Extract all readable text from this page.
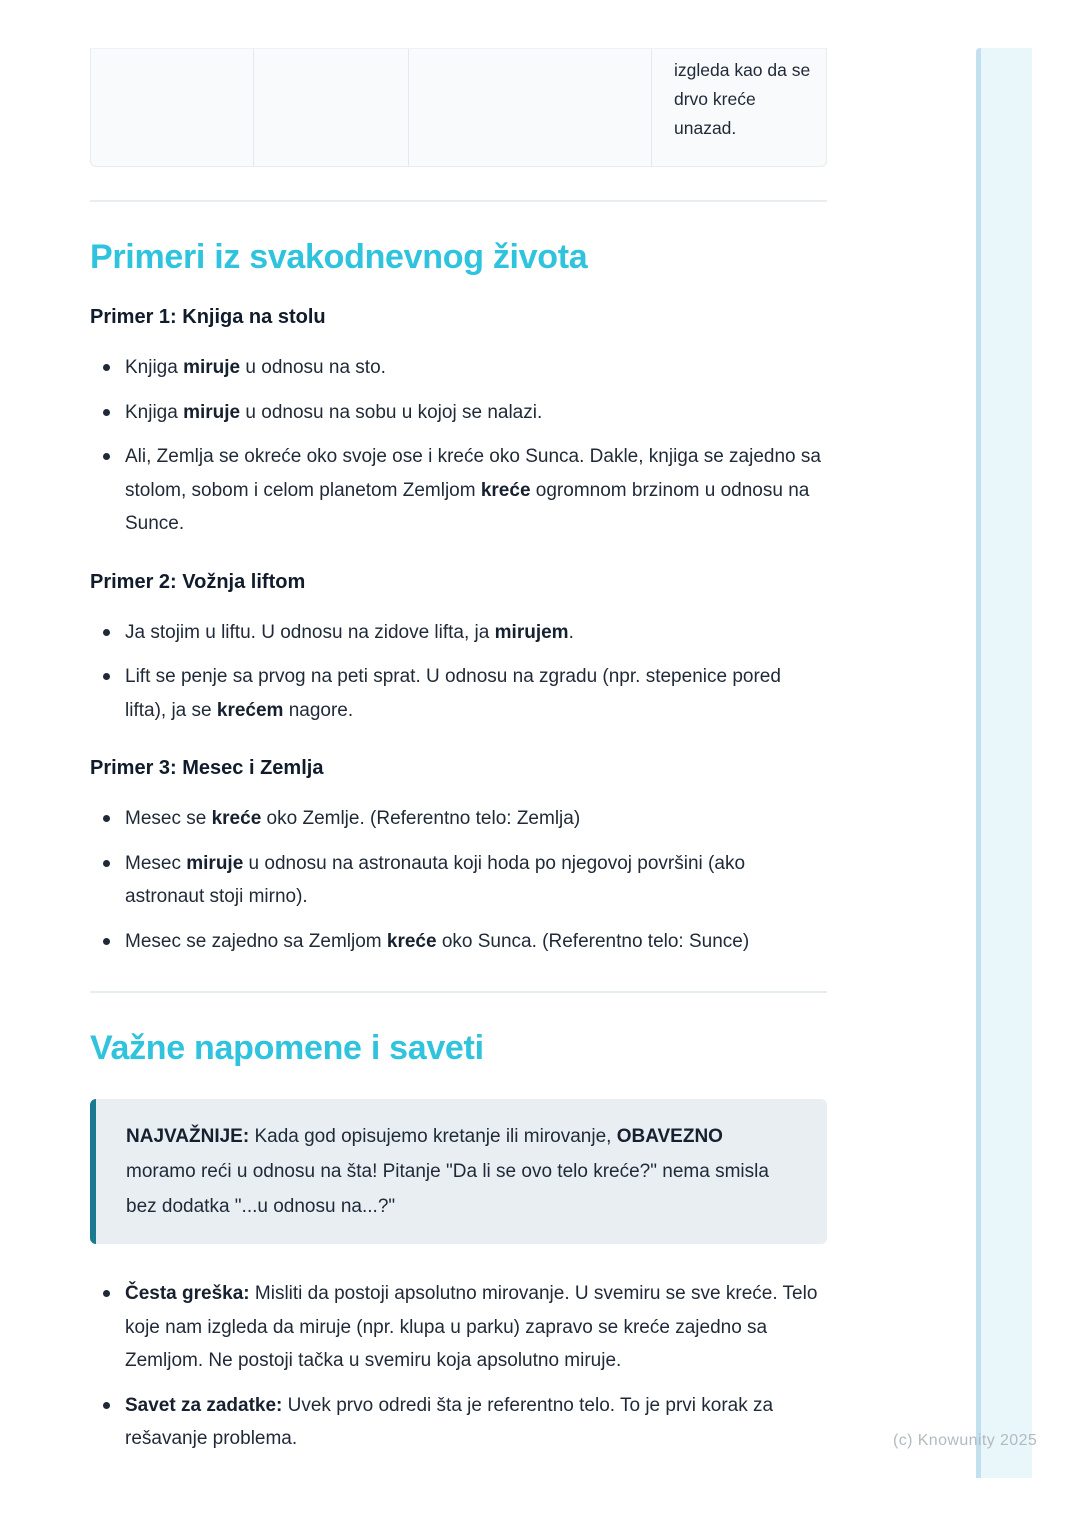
(c) Knowunity 2025
izgleda kao da se drvo kreće unazad.
Primeri iz svakodnevnog života
Primer 1: Knjiga na stolu
Knjiga miruje u odnosu na sto.
Knjiga miruje u odnosu na sobu u kojoj se nalazi.
Ali, Zemlja se okreće oko svoje ose i kreće oko Sunca. Dakle, knjiga se zajedno sa stolom, sobom i celom planetom Zemljom kreće ogromnom brzinom u odnosu na Sunce.
Primer 2: Vožnja liftom
Ja stojim u liftu. U odnosu na zidove lifta, ja mirujem.
Lift se penje sa prvog na peti sprat. U odnosu na zgradu (npr. stepenice pored lifta), ja se krećem nagore.
Primer 3: Mesec i Zemlja
Mesec se kreće oko Zemlje. (Referentno telo: Zemlja)
Mesec miruje u odnosu na astronauta koji hoda po njegovoj površini (ako astronaut stoji mirno).
Mesec se zajedno sa Zemljom kreće oko Sunca. (Referentno telo: Sunce)
Važne napomene i saveti
NAJVAŽNIJE: Kada god opisujemo kretanje ili mirovanje, OBAVEZNO moramo reći u odnosu na šta! Pitanje "Da li se ovo telo kreće?" nema smisla bez dodatka "...u odnosu na...?"
Česta greška: Misliti da postoji apsolutno mirovanje. U svemiru se sve kreće. Telo koje nam izgleda da miruje (npr. klupa u parku) zapravo se kreće zajedno sa Zemljom. Ne postoji tačka u svemiru koja apsolutno miruje.
Savet za zadatke: Uvek prvo odredi šta je referentno telo. To je prvi korak za rešavanje problema.
